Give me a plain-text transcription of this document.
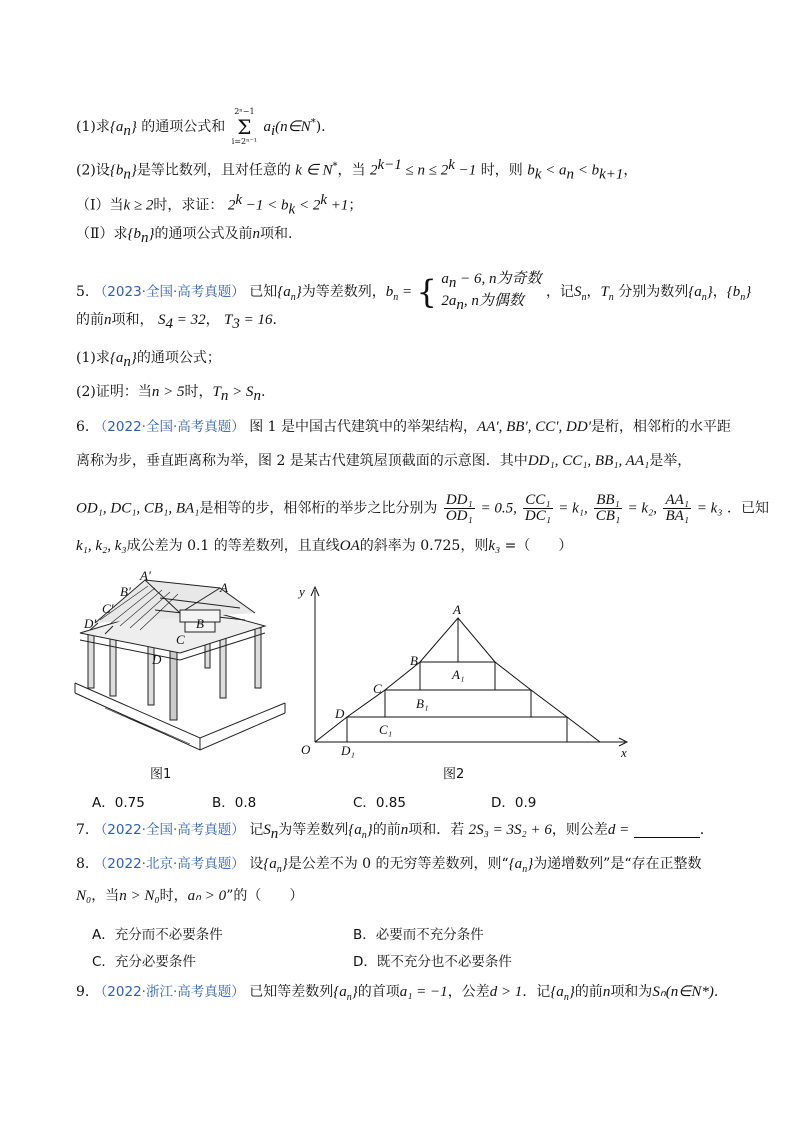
(1)求$\{a_n\}$ 的通项公式和
2ⁿ−1
Σ
i=2ⁿ⁻¹
$a_i(n\in N^*)$.
(2)设$\{b_n\}$是等比数列，且对任意的 k ∈ N*，当 $2^{k-1} \le n \le 2^k -1$ 时，则 $b_k < a_n < b_{k+1}$，
（Ⅰ）当k ≥ 2时，求证： $2^k -1 < b_k < 2^k +1$；
（Ⅱ）求$\{b_n\}$的通项公式及前n项和.
5. （2023·全国·高考真题） 已知$\{a_n\}$为等差数列，$b_n$ = { $a_n - 6$, n为奇数
$2a_n$, n为偶数
，记$S_n$，$T_n$ 分别为数列$\{a_n\}$，$\{b_n\}$
的前n项和， $S_4 = 32$， $T_3 = 16$．
(1)求$\{a_n\}$的通项公式；
(2)证明：当n > 5时，$T_n > S_n$.
6. （2022·全国·高考真题） 图 1 是中国古代建筑中的举架结构，AA′, BB′, CC′, DD′是桁，相邻桁的水平距
离称为步，垂直距离称为举，图 2 是某古代建筑屋顶截面的示意图．其中DD₁, CC₁, BB₁, AA₁是举，
OD₁, DC₁, CB₁, BA₁是相等的步，相邻桁的举步之比分别为 $\frac{\text{DD₁}}{\text{OD₁}} = 0.5$, $\frac{\text{CC₁}}{\text{DC₁}} = k_1$, $\frac{\text{BB₁}}{\text{CB₁}} = k_2$, $\frac{\text{AA₁}}{\text{BA₁}} = k_3$ ．已知
k₁, k₂, k₃成公差为 0.1 的等差数列，且直线OA的斜率为 0.725，则k₃ =（　　）
A′
A
B′
C′
D′	B
C
D
图1
y
x
O
A
A₁
B
B₁
C
C₁
D
D₁
图2
A．0.75	B．0.8	C．0.85	D．0.9
7. （2022·全国·高考真题） 记$S_n$为等差数列$\{a_n\}$的前n项和．若 2S₃ = 3S₂ + 6，则公差d =	.
8. （2022·北京·高考真题） 设$\{a_n\}$是公差不为 0 的无穷等差数列，则“$\{a_n\}$为递增数列”是“存在正整数
N₀，当n > N₀时，aₙ > 0”的（　　）
A．充分而不必要条件	B．必要而不充分条件
C．充分必要条件	D．既不充分也不必要条件
9. （2022·浙江·高考真题） 已知等差数列$\{a_n\}$的首项a₁ = −1，公差d > 1．记$\{a_n\}$的前n项和为Sₙ(n∈N*).
